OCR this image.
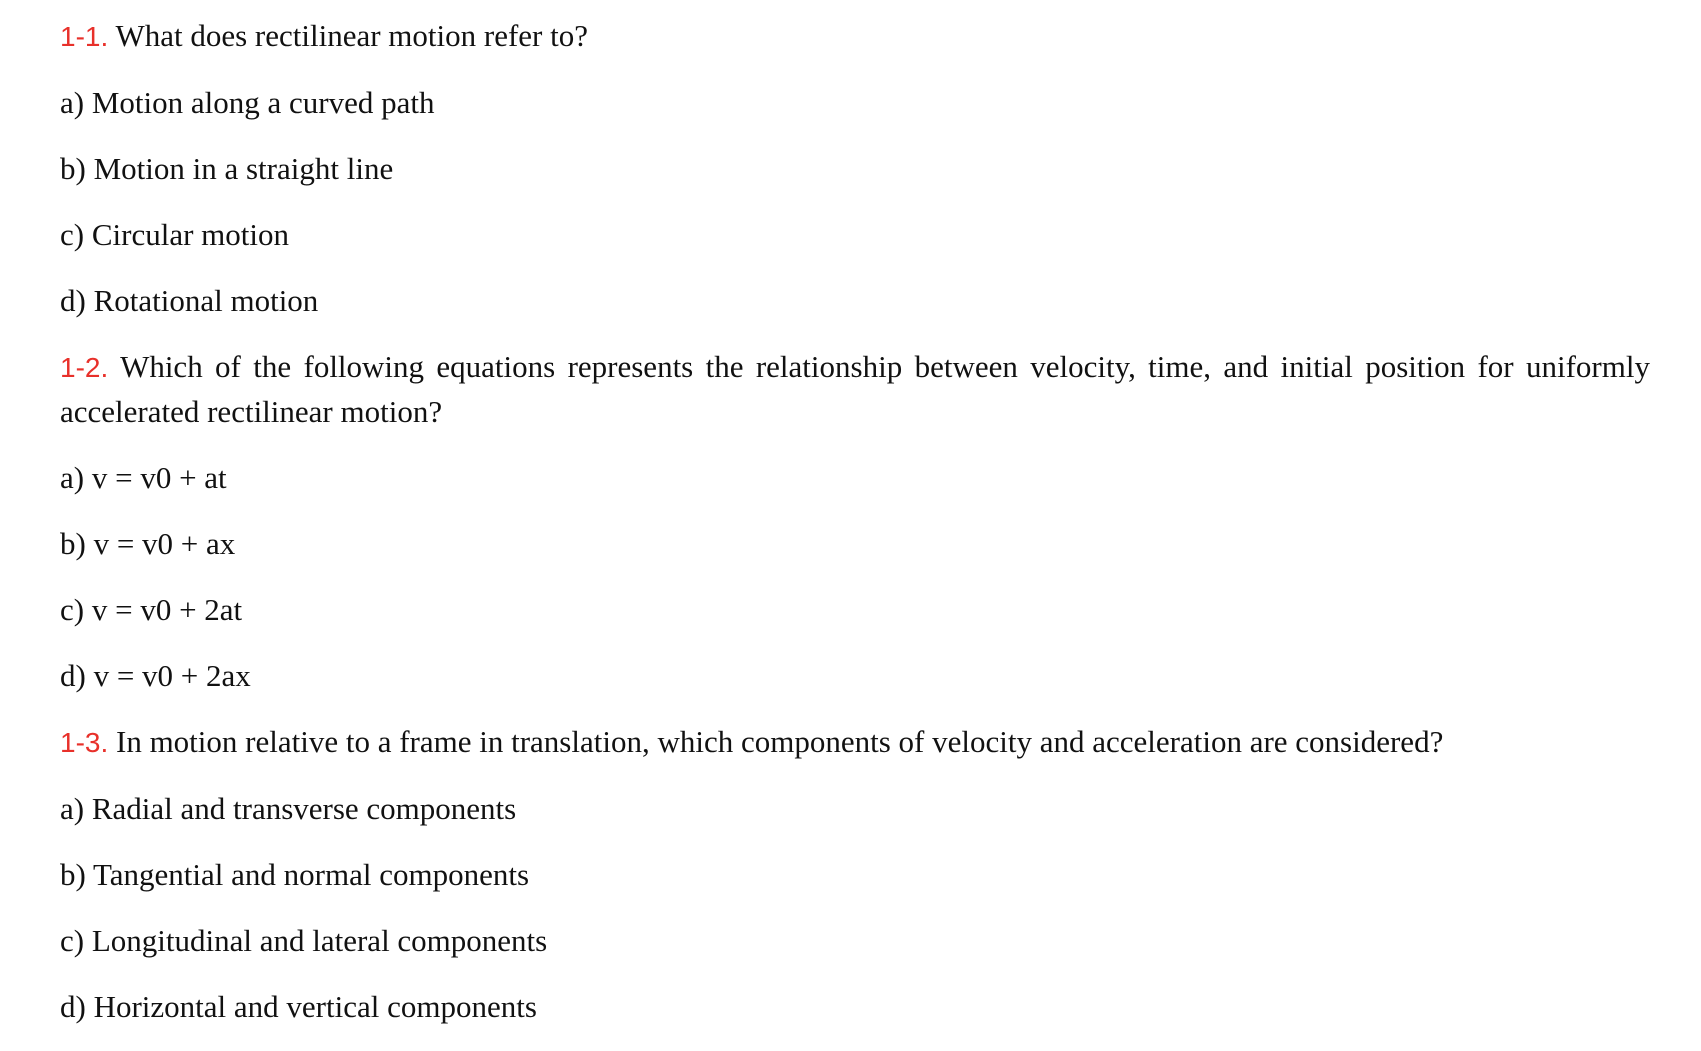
1-1. What does rectilinear motion refer to?

a) Motion along a curved path

b) Motion in a straight line

c) Circular motion

d) Rotational motion

1-2. Which of the following equations represents the relationship between velocity, time, and initial position for uniformly accelerated rectilinear motion?

a) v = v0 + at

b) v = v0 + ax

c) v = v0 + 2at

d) v = v0 + 2ax

1-3. In motion relative to a frame in translation, which components of velocity and acceleration are considered?

a) Radial and transverse components

b) Tangential and normal components

c) Longitudinal and lateral components

d) Horizontal and vertical components
